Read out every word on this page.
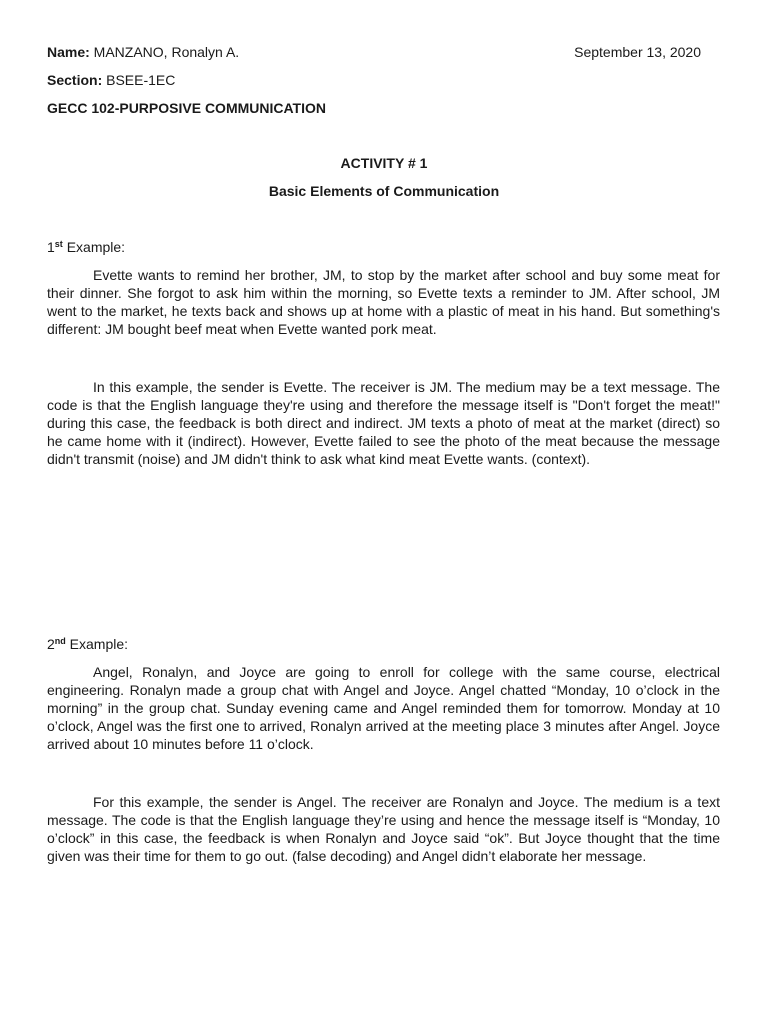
Name: MANZANO, Ronalyn A.	September 13, 2020
Section: BSEE-1EC
GECC 102-PURPOSIVE COMMUNICATION
ACTIVITY # 1
Basic Elements of Communication
1st Example:

Evette wants to remind her brother, JM, to stop by the market after school and buy some meat for their dinner. She forgot to ask him within the morning, so Evette texts a reminder to JM. After school, JM went to the market, he texts back and shows up at home with a plastic of meat in his hand. But something's different: JM bought beef meat when Evette wanted pork meat.

In this example, the sender is Evette. The receiver is JM. The medium may be a text message. The code is that the English language they're using and therefore the message itself is "Don't forget the meat!" during this case, the feedback is both direct and indirect. JM texts a photo of meat at the market (direct) so he came home with it (indirect). However, Evette failed to see the photo of the meat because the message didn't transmit (noise) and JM didn't think to ask what kind meat Evette wants. (context).

2nd Example:

Angel, Ronalyn, and Joyce are going to enroll for college with the same course, electrical engineering. Ronalyn made a group chat with Angel and Joyce. Angel chatted “Monday, 10 o’clock in the morning” in the group chat. Sunday evening came and Angel reminded them for tomorrow. Monday at 10 o’clock, Angel was the first one to arrived, Ronalyn arrived at the meeting place 3 minutes after Angel. Joyce arrived about 10 minutes before 11 o’clock.

For this example, the sender is Angel. The receiver are Ronalyn and Joyce. The medium is a text message. The code is that the English language they’re using and hence the message itself is “Monday, 10 o’clock” in this case, the feedback is when Ronalyn and Joyce said “ok”. But Joyce thought that the time given was their time for them to go out. (false decoding) and Angel didn’t elaborate her message.
